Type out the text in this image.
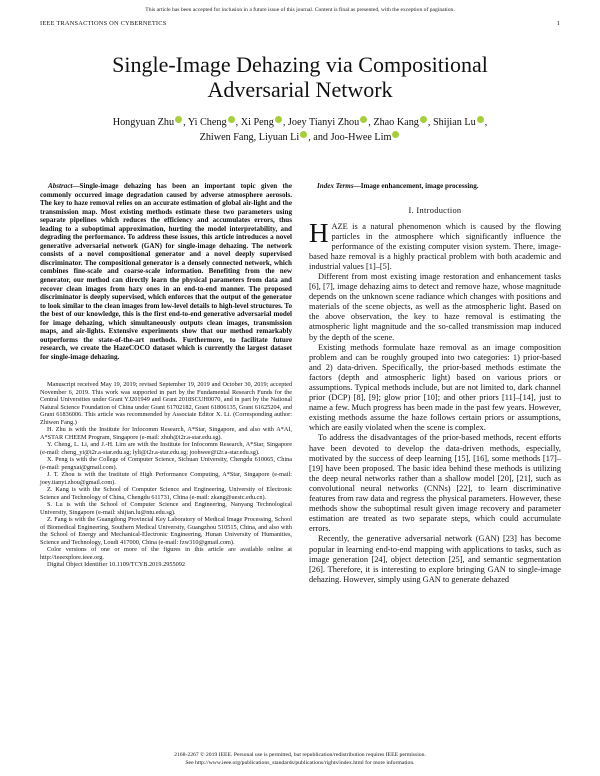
This article has been accepted for inclusion in a future issue of this journal. Content is final as presented, with the exception of pagination.
IEEE TRANSACTIONS ON CYBERNETICS	1
Single-Image Dehazing via Compositional
Adversarial Network
Hongyuan Zhu , Yi Cheng , Xi Peng , Joey Tianyi Zhou , Zhao Kang , Shijian Lu ,
Zhiwen Fang, Liyuan Li , and Joo-Hwee Lim

Abstract—Single-image dehazing has been an important topic given the commonly occurred image degradation caused by adverse atmosphere aerosols. The key to haze removal relies on an accurate estimation of global air-light and the transmission map. Most existing methods estimate these two parameters using separate pipelines which reduces the efficiency and accumulates errors, thus leading to a suboptimal approximation, hurting the model interpretability, and degrading the performance. To address these issues, this article introduces a novel generative adversarial network (GAN) for single-image dehazing. The network consists of a novel compositional generator and a novel deeply supervised discriminator. The compositional generator is a densely connected network, which combines fine-scale and coarse-scale information. Benefiting from the new generator, our method can directly learn the physical parameters from data and recover clean images from hazy ones in an end-to-end manner. The proposed discriminator is deeply supervised, which enforces that the output of the generator to look similar to the clean images from low-level details to high-level structures. To the best of our knowledge, this is the first end-to-end generative adversarial model for image dehazing, which simultaneously outputs clean images, transmission maps, and air-lights. Extensive experiments show that our method remarkably outperforms the state-of-the-art methods. Furthermore, to facilitate future research, we create the HazeCOCO dataset which is currently the largest dataset for single-image dehazing.

Manuscript received May 19, 2019; revised September 19, 2019 and October 30, 2019; accepted November 6, 2019. This work was supported in part by the Fundamental Research Funds for the Central Universities under Grant YJ201949 and Grant 2018SCUH0070, and in part by the National Natural Science Foundation of China under Grant 61702182, Grant 61806135, Grant 61625204, and Grant 61836006. This article was recommended by Associate Editor X. Li. (Corresponding author: Zhiwen Fang.)

H. Zhu is with the Institute for Infocomm Research, A*Star, Singapore, and also with A*AI, A*STAR CHEEM Program, Singapore (e-mail: zhuh@i2r.a-star.edu.sg).

Y. Cheng, L. Li, and J.-H. Lim are with the Institute for Infocomm Research, A*Star, Singapore (e-mail: cheng_yi@i2r.a-star.edu.sg; lyli@i2r.a-star.edu.sg; joohwee@i2r.a-star.edu.sg).

X. Peng is with the College of Computer Science, Sichuan University, Chengdu 610065, China (e-mail: pengxai@gmail.com).

J. T. Zhou is with the Institute of High Performance Computing, A*Star, Singapore (e-mail: joey.tianyi.zhou@gmail.com).

Z. Kang is with the School of Computer Science and Engineering, University of Electronic Science and Technology of China, Chengdu 611731, China (e-mail: zkang@uestc.edu.cn).

S. Lu is with the School of Computer Science and Engineering, Nanyang Technological University, Singapore (e-mail: shijian.lu@ntu.edu.sg).

Z. Fang is with the Guangdong Provincial Key Laboratory of Medical Image Processing, School of Biomedical Engineering, Southern Medical University, Guangzhou 510515, China, and also with the School of Energy and Mechanical-Electronic Engineering, Hunan University of Humanities, Science and Technology, Loudi 417000, China (e-mail: fzw310@gmail.com).

Color versions of one or more of the figures in this article are available online at http://ieeexplore.ieee.org.

Digital Object Identifier 10.1109/TCYB.2019.2955092

Index Terms—Image enhancement, image processing.

I. Introduction

HAZE is a natural phenomenon which is caused by the flowing particles in the atmosphere which significantly influence the performance of the existing computer vision system. There, image-based haze removal is a highly practical problem with both academic and industrial values [1]–[5].

Different from most existing image restoration and enhancement tasks [6], [7], image dehazing aims to detect and remove haze, whose magnitude depends on the unknown scene radiance which changes with positions and materials of the scene objects, as well as the atmospheric light. Based on the above observation, the key to haze removal is estimating the atmospheric light magnitude and the so-called transmission map induced by the depth of the scene.

Existing methods formulate haze removal as an image composition problem and can be roughly grouped into two categories: 1) prior-based and 2) data-driven. Specifically, the prior-based methods estimate the factors (depth and atmospheric light) based on various priors or assumptions. Typical methods include, but are not limited to, dark channel prior (DCP) [8], [9]; glow prior [10]; and other priors [11]–[14], just to name a few. Much progress has been made in the past few years. However, existing methods assume the haze follows certain priors or assumptions, which are easily violated when the scene is complex.

To address the disadvantages of the prior-based methods, recent efforts have been devoted to develop the data-driven methods, especially, motivated by the success of deep learning [15], [16], some methods [17]–[19] have been proposed. The basic idea behind these methods is utilizing the deep neural networks rather than a shallow model [20], [21], such as convolutional neural networks (CNNs) [22], to learn discriminative features from raw data and regress the physical parameters. However, these methods show the suboptimal result given image recovery and parameter estimation are treated as two separate steps, which could accumulate errors.

Recently, the generative adversarial network (GAN) [23] has become popular in learning end-to-end mapping with applications to tasks, such as image generation [24], object detection [25], and semantic segmentation [26]. Therefore, it is interesting to explore bringing GAN to single-image dehazing. However, simply using GAN to generate dehazed

2168-2267 © 2019 IEEE. Personal use is permitted, but republication/redistribution requires IEEE permission.
See http://www.ieee.org/publications_standards/publications/rights/index.html for more information.
